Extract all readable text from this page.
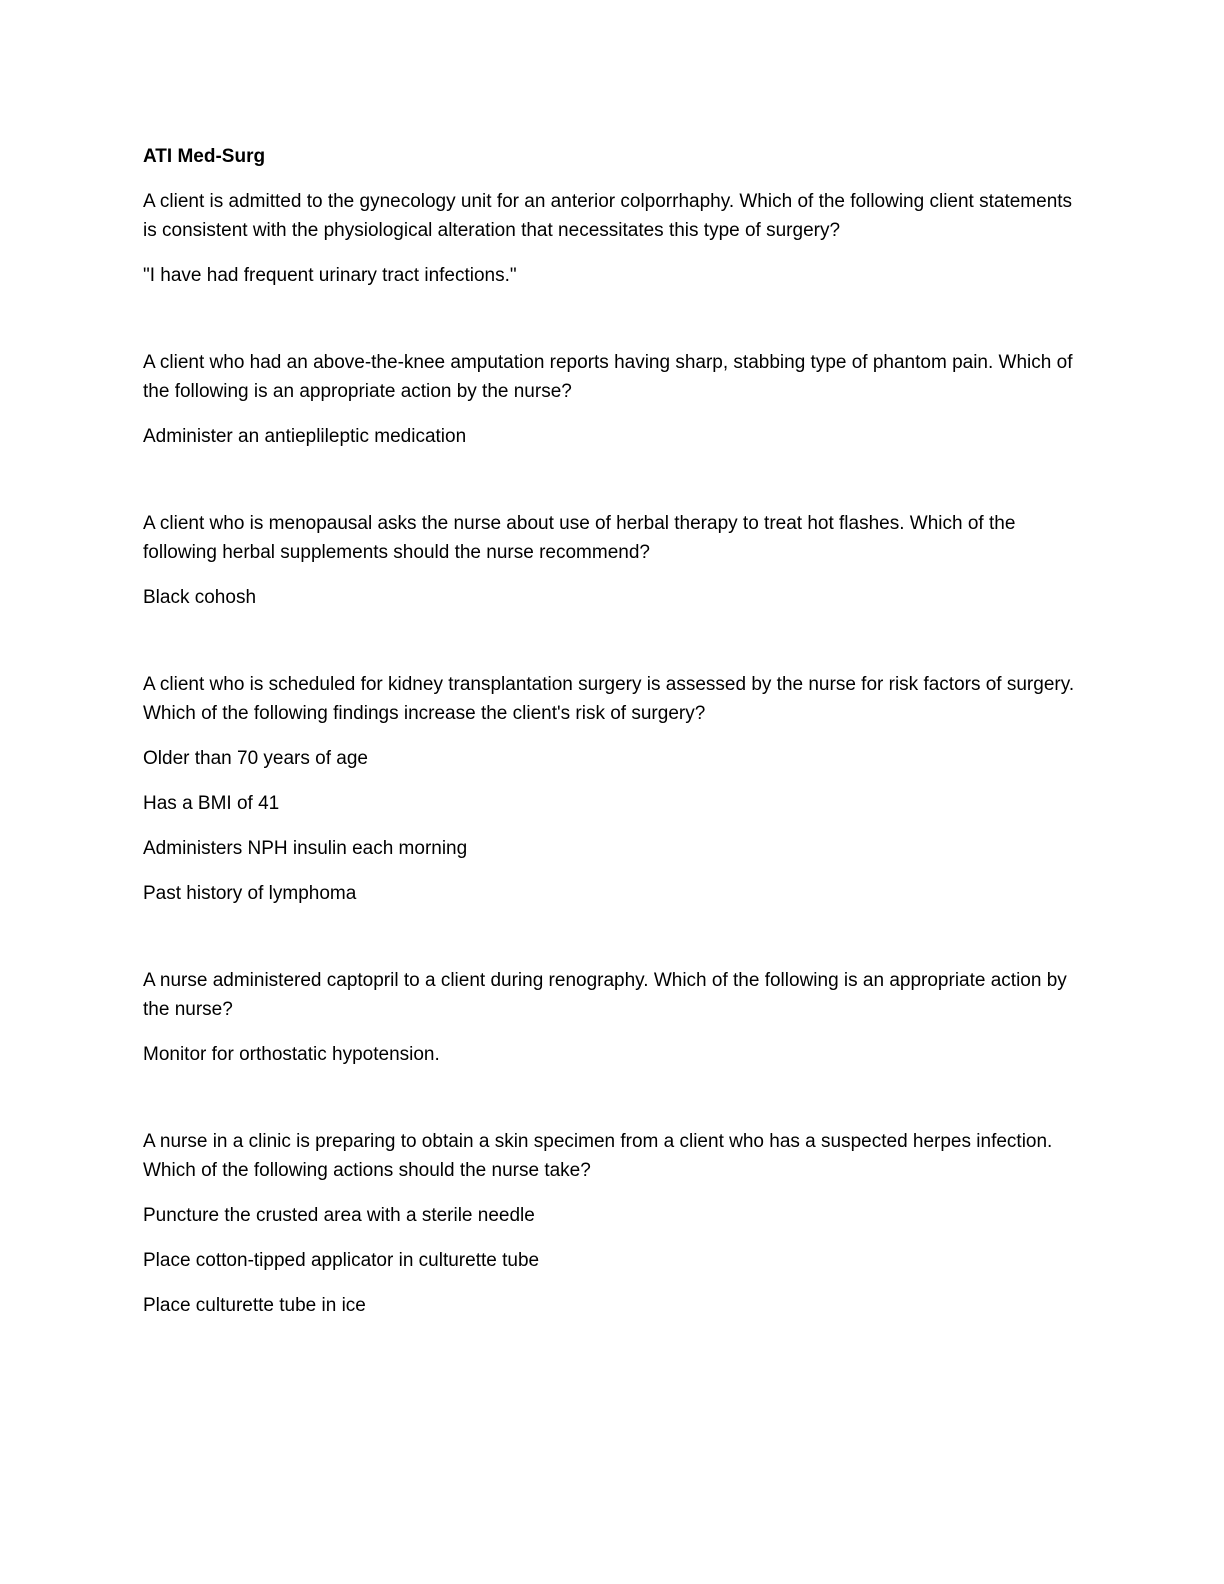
ATI Med-Surg
A client is admitted to the gynecology unit for an anterior colporrhaphy. Which of the following client statements is consistent with the physiological alteration that necessitates this type of surgery?
"I have had frequent urinary tract infections."
A client who had an above-the-knee amputation reports having sharp, stabbing type of phantom pain. Which of the following is an appropriate action by the nurse?
Administer an antieplileptic medication
A client who is menopausal asks the nurse about use of herbal therapy to treat hot flashes. Which of the following herbal supplements should the nurse recommend?
Black cohosh
A client who is scheduled for kidney transplantation surgery is assessed by the nurse for risk factors of surgery. Which of the following findings increase the client's risk of surgery?
Older than 70 years of age
Has a BMI of 41
Administers NPH insulin each morning
Past history of lymphoma
A nurse administered captopril to a client during renography. Which of the following is an appropriate action by the nurse?
Monitor for orthostatic hypotension.
A nurse in a clinic is preparing to obtain a skin specimen from a client who has a suspected herpes infection. Which of the following actions should the nurse take?
Puncture the crusted area with a sterile needle
Place cotton-tipped applicator in culturette tube
Place culturette tube in ice
